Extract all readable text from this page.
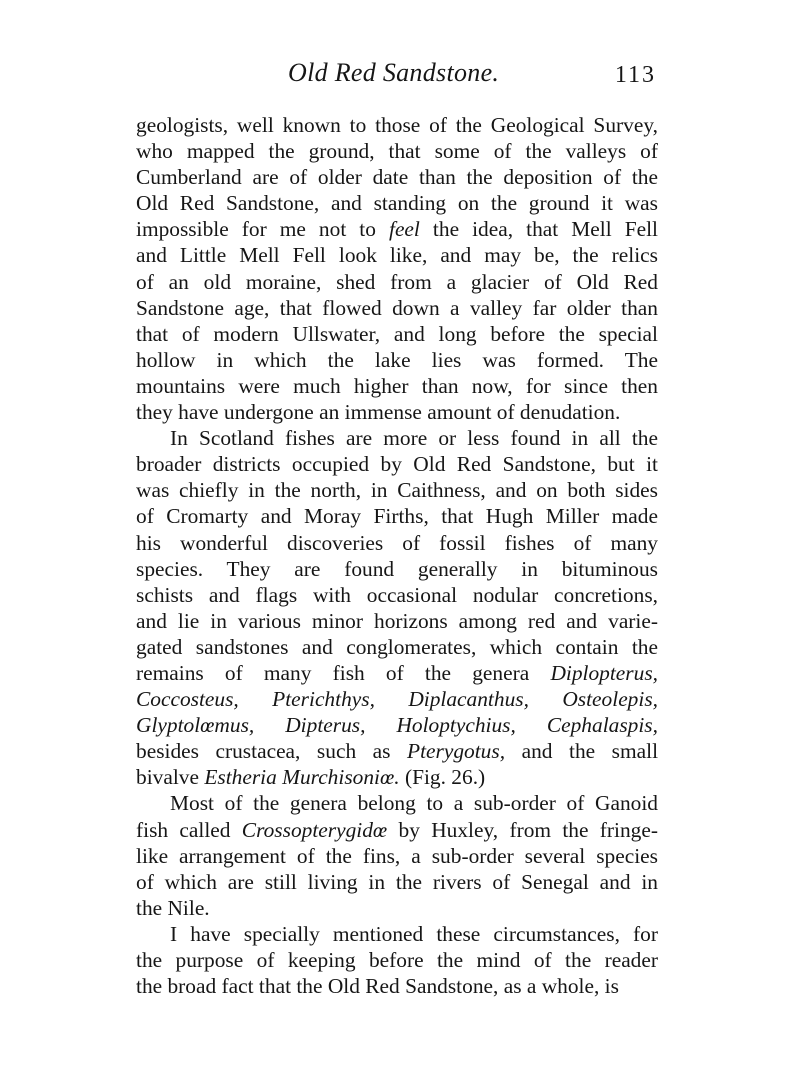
Old Red Sandstone.	113
geologists, well known to those of the Geological Survey,
who mapped the ground, that some of the valleys of
Cumberland are of older date than the deposition of the
Old Red Sandstone, and standing on the ground it was
impossible for me not to feel the idea, that Mell Fell
and Little Mell Fell look like, and may be, the relics
of an old moraine, shed from a glacier of Old Red
Sandstone age, that flowed down a valley far older than
that of modern Ullswater, and long before the special
hollow in which the lake lies was formed. The
mountains were much higher than now, for since then
they have undergone an immense amount of denudation.
In Scotland fishes are more or less found in all the
broader districts occupied by Old Red Sandstone, but it
was chiefly in the north, in Caithness, and on both sides
of Cromarty and Moray Firths, that Hugh Miller made
his wonderful discoveries of fossil fishes of many
species. They are found generally in bituminous
schists and flags with occasional nodular concretions,
and lie in various minor horizons among red and varie-
gated sandstones and conglomerates, which contain the
remains of many fish of the genera Diplopterus,
Coccosteus, Pterichthys, Diplacanthus, Osteolepis,
Glyptolœmus, Dipterus, Holoptychius, Cephalaspis,
besides crustacea, such as Pterygotus, and the small
bivalve Estheria Murchisoniœ. (Fig. 26.)
Most of the genera belong to a sub-order of Ganoid
fish called Crossopterygidœ by Huxley, from the fringe-
like arrangement of the fins, a sub-order several species
of which are still living in the rivers of Senegal and in
the Nile.
I have specially mentioned these circumstances, for
the purpose of keeping before the mind of the reader
the broad fact that the Old Red Sandstone, as a whole, is
